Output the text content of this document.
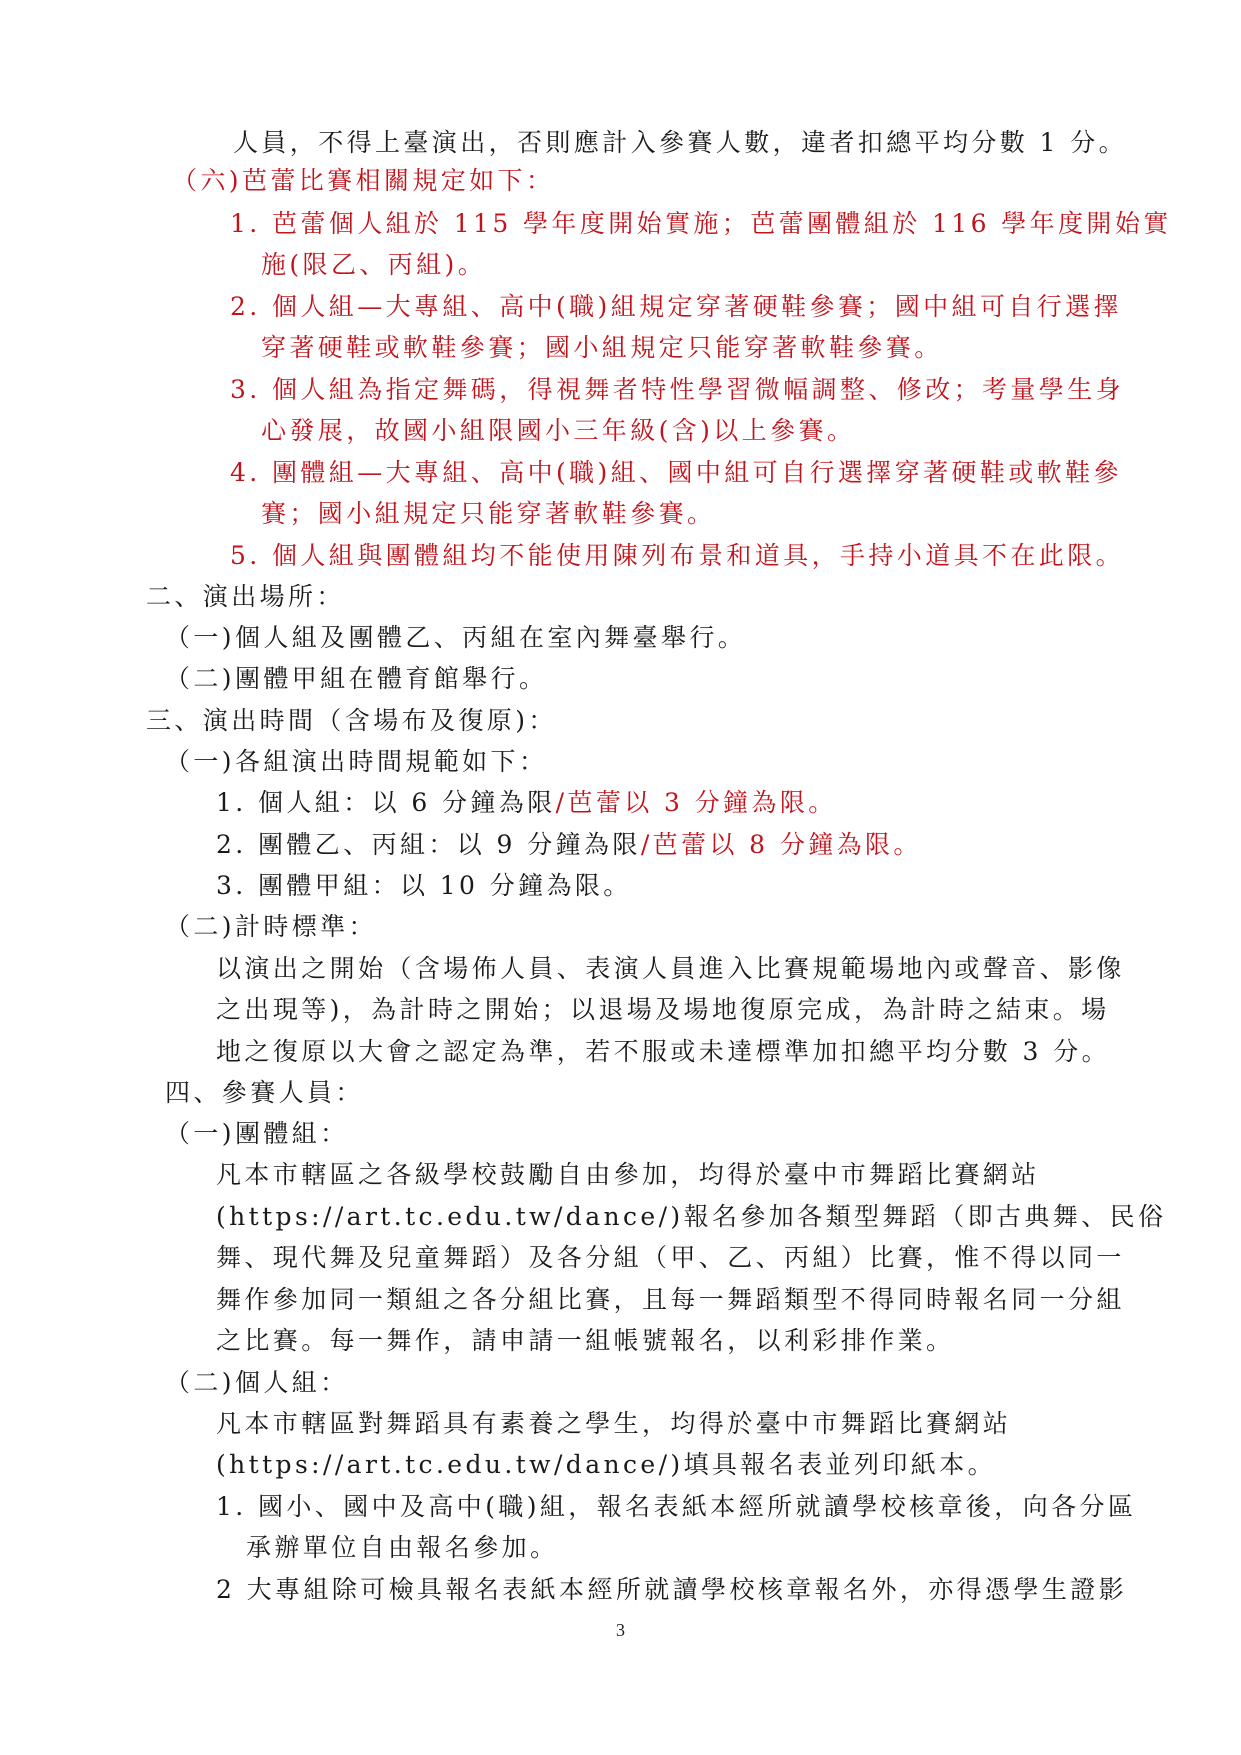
人員，不得上臺演出，否則應計入參賽人數，違者扣總平均分數 1 分。
（六)芭蕾比賽相關規定如下：
1. 芭蕾個人組於 115 學年度開始實施；芭蕾團體組於 116 學年度開始實
施(限乙、丙組)。
2. 個人組—大專組、高中(職)組規定穿著硬鞋參賽；國中組可自行選擇
穿著硬鞋或軟鞋參賽；國小組規定只能穿著軟鞋參賽。
3. 個人組為指定舞碼，得視舞者特性學習微幅調整、修改；考量學生身
心發展，故國小組限國小三年級(含)以上參賽。
4. 團體組—大專組、高中(職)組、國中組可自行選擇穿著硬鞋或軟鞋參
賽；國小組規定只能穿著軟鞋參賽。
5. 個人組與團體組均不能使用陳列布景和道具，手持小道具不在此限。
二、演出場所：
（一)個人組及團體乙、丙組在室內舞臺舉行。
（二)團體甲組在體育館舉行。
三、演出時間（含場布及復原)：
（一)各組演出時間規範如下：
1. 個人組：以 6 分鐘為限/芭蕾以 3 分鐘為限。
2. 團體乙、丙組：以 9 分鐘為限/芭蕾以 8 分鐘為限。
3. 團體甲組：以 10 分鐘為限。
（二)計時標準：
以演出之開始（含場佈人員、表演人員進入比賽規範場地內或聲音、影像
之出現等)，為計時之開始；以退場及場地復原完成，為計時之結束。場
地之復原以大會之認定為準，若不服或未達標準加扣總平均分數 3 分。
四、參賽人員：
（一)團體組：
凡本市轄區之各級學校鼓勵自由參加，均得於臺中市舞蹈比賽網站
(https://art.tc.edu.tw/dance/)報名參加各類型舞蹈（即古典舞、民俗
舞、現代舞及兒童舞蹈）及各分組（甲、乙、丙組）比賽，惟不得以同一
舞作參加同一類組之各分組比賽，且每一舞蹈類型不得同時報名同一分組
之比賽。每一舞作，請申請一組帳號報名，以利彩排作業。
（二)個人組：
凡本市轄區對舞蹈具有素養之學生，均得於臺中市舞蹈比賽網站
(https://art.tc.edu.tw/dance/)填具報名表並列印紙本。
1. 國小、國中及高中(職)組，報名表紙本經所就讀學校核章後，向各分區
承辦單位自由報名參加。
2 大專組除可檢具報名表紙本經所就讀學校核章報名外，亦得憑學生證影
3
